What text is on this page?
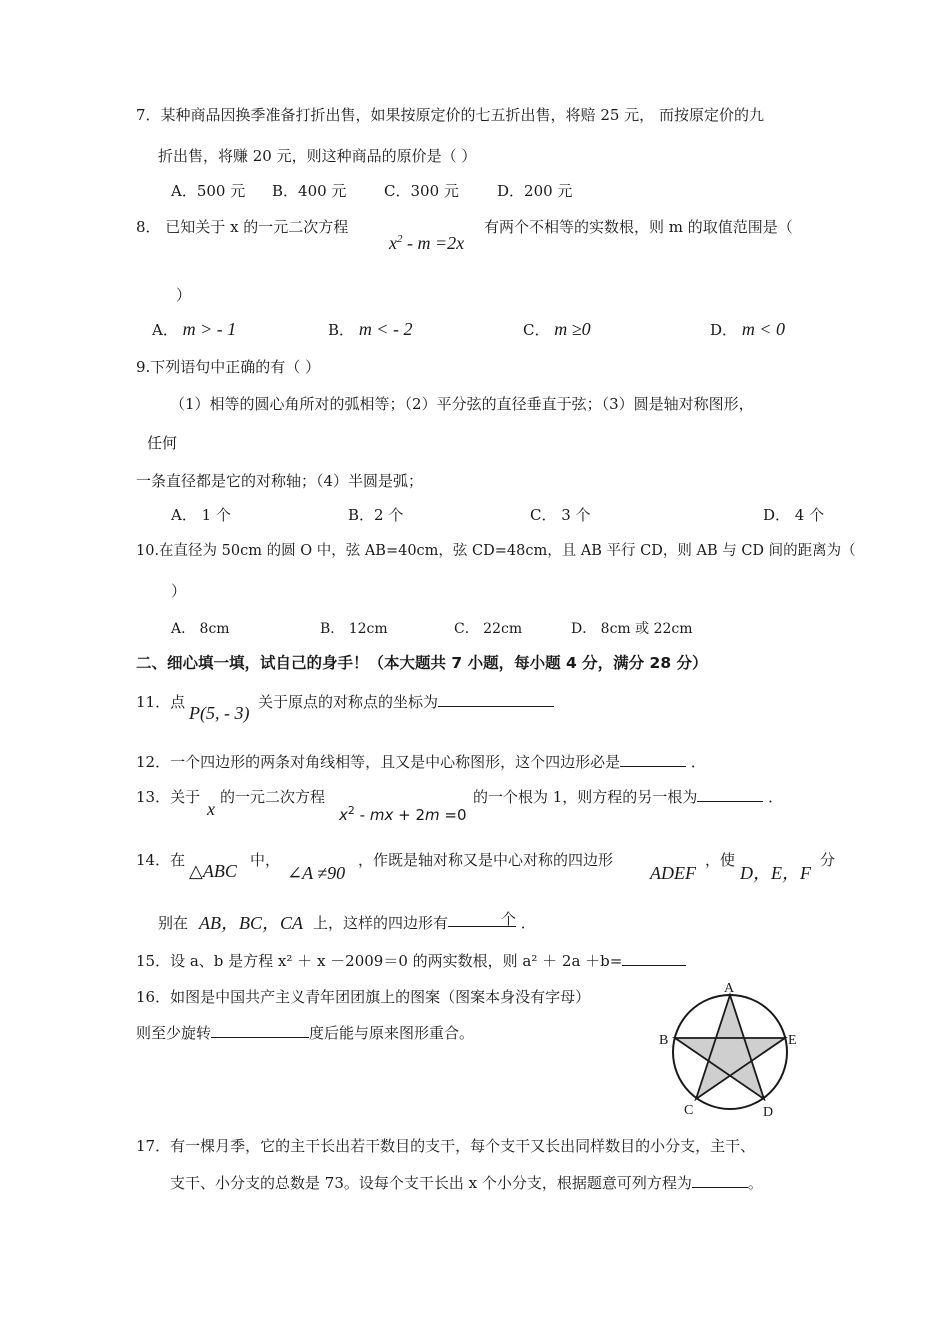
7．某种商品因换季准备打折出售，如果按原定价的七五折出售，将赔 25 元， 而按原定价的九
折出售，将赚 20 元，则这种商品的原价是（ ）
A．500 元 B．400 元	C．300 元	D．200 元
8． 已知关于 x 的一元二次方程
$x^2 - m =2x$
有两个不相等的实数根，则 m 的取值范围是（
）
A． m > - 1	B． m < - 2	C． m ≥0	D． m < 0
9.下列语句中正确的有（ ）
（1）相等的圆心角所对的弧相等；（2）平分弦的直径垂直于弦；（3）圆是轴对称图形，
任何
一条直径都是它的对称轴；（4）半圆是弧；
A． 1 个	B．2 个	C． 3 个	D． 4 个
10.在直径为 50cm 的圆 O 中，弦 AB=40cm，弦 CD=48cm，且 AB 平行 CD，则 AB 与 CD 间的距离为（
）
A． 8cm	B． 12cm	C． 22cm	D． 8cm 或 22cm
二、细心填一填，试自己的身手！（本大题共 7 小题，每小题 4 分，满分 28 分）
11．点
P(5, - 3)
关于原点的对称点的坐标为
12．一个四边形的两条对角线相等，且又是中心称图形，这个四边形必是	．
13．关于
x
的一元二次方程
$x^2$ - mx + 2m =0
的一个根为 1，则方程的另一根为	．
14．在
△ABC
中，
∠A ≠90
，作既是轴对称又是中心对称的四边形
ADEF
，使
D，E，F
分
别在 AB，BC，CA 上，这样的四边形有	个 ．
15．设 a、b 是方程 x² ＋ x －2009＝0 的两实数根，则 a² ＋ 2a ＋b=
16．如图是中国共产主义青年团团旗上的图案（图案本身没有字母）
则至少旋转	度后能与原来图形重合。
A
B	E
C	D
17．有一棵月季，它的主干长出若干数目的支干，每个支干又长出同样数目的小分支，主干、
支干、小分支的总数是 73。设每个支干长出 x 个小分支，根据题意可列方程为	。
